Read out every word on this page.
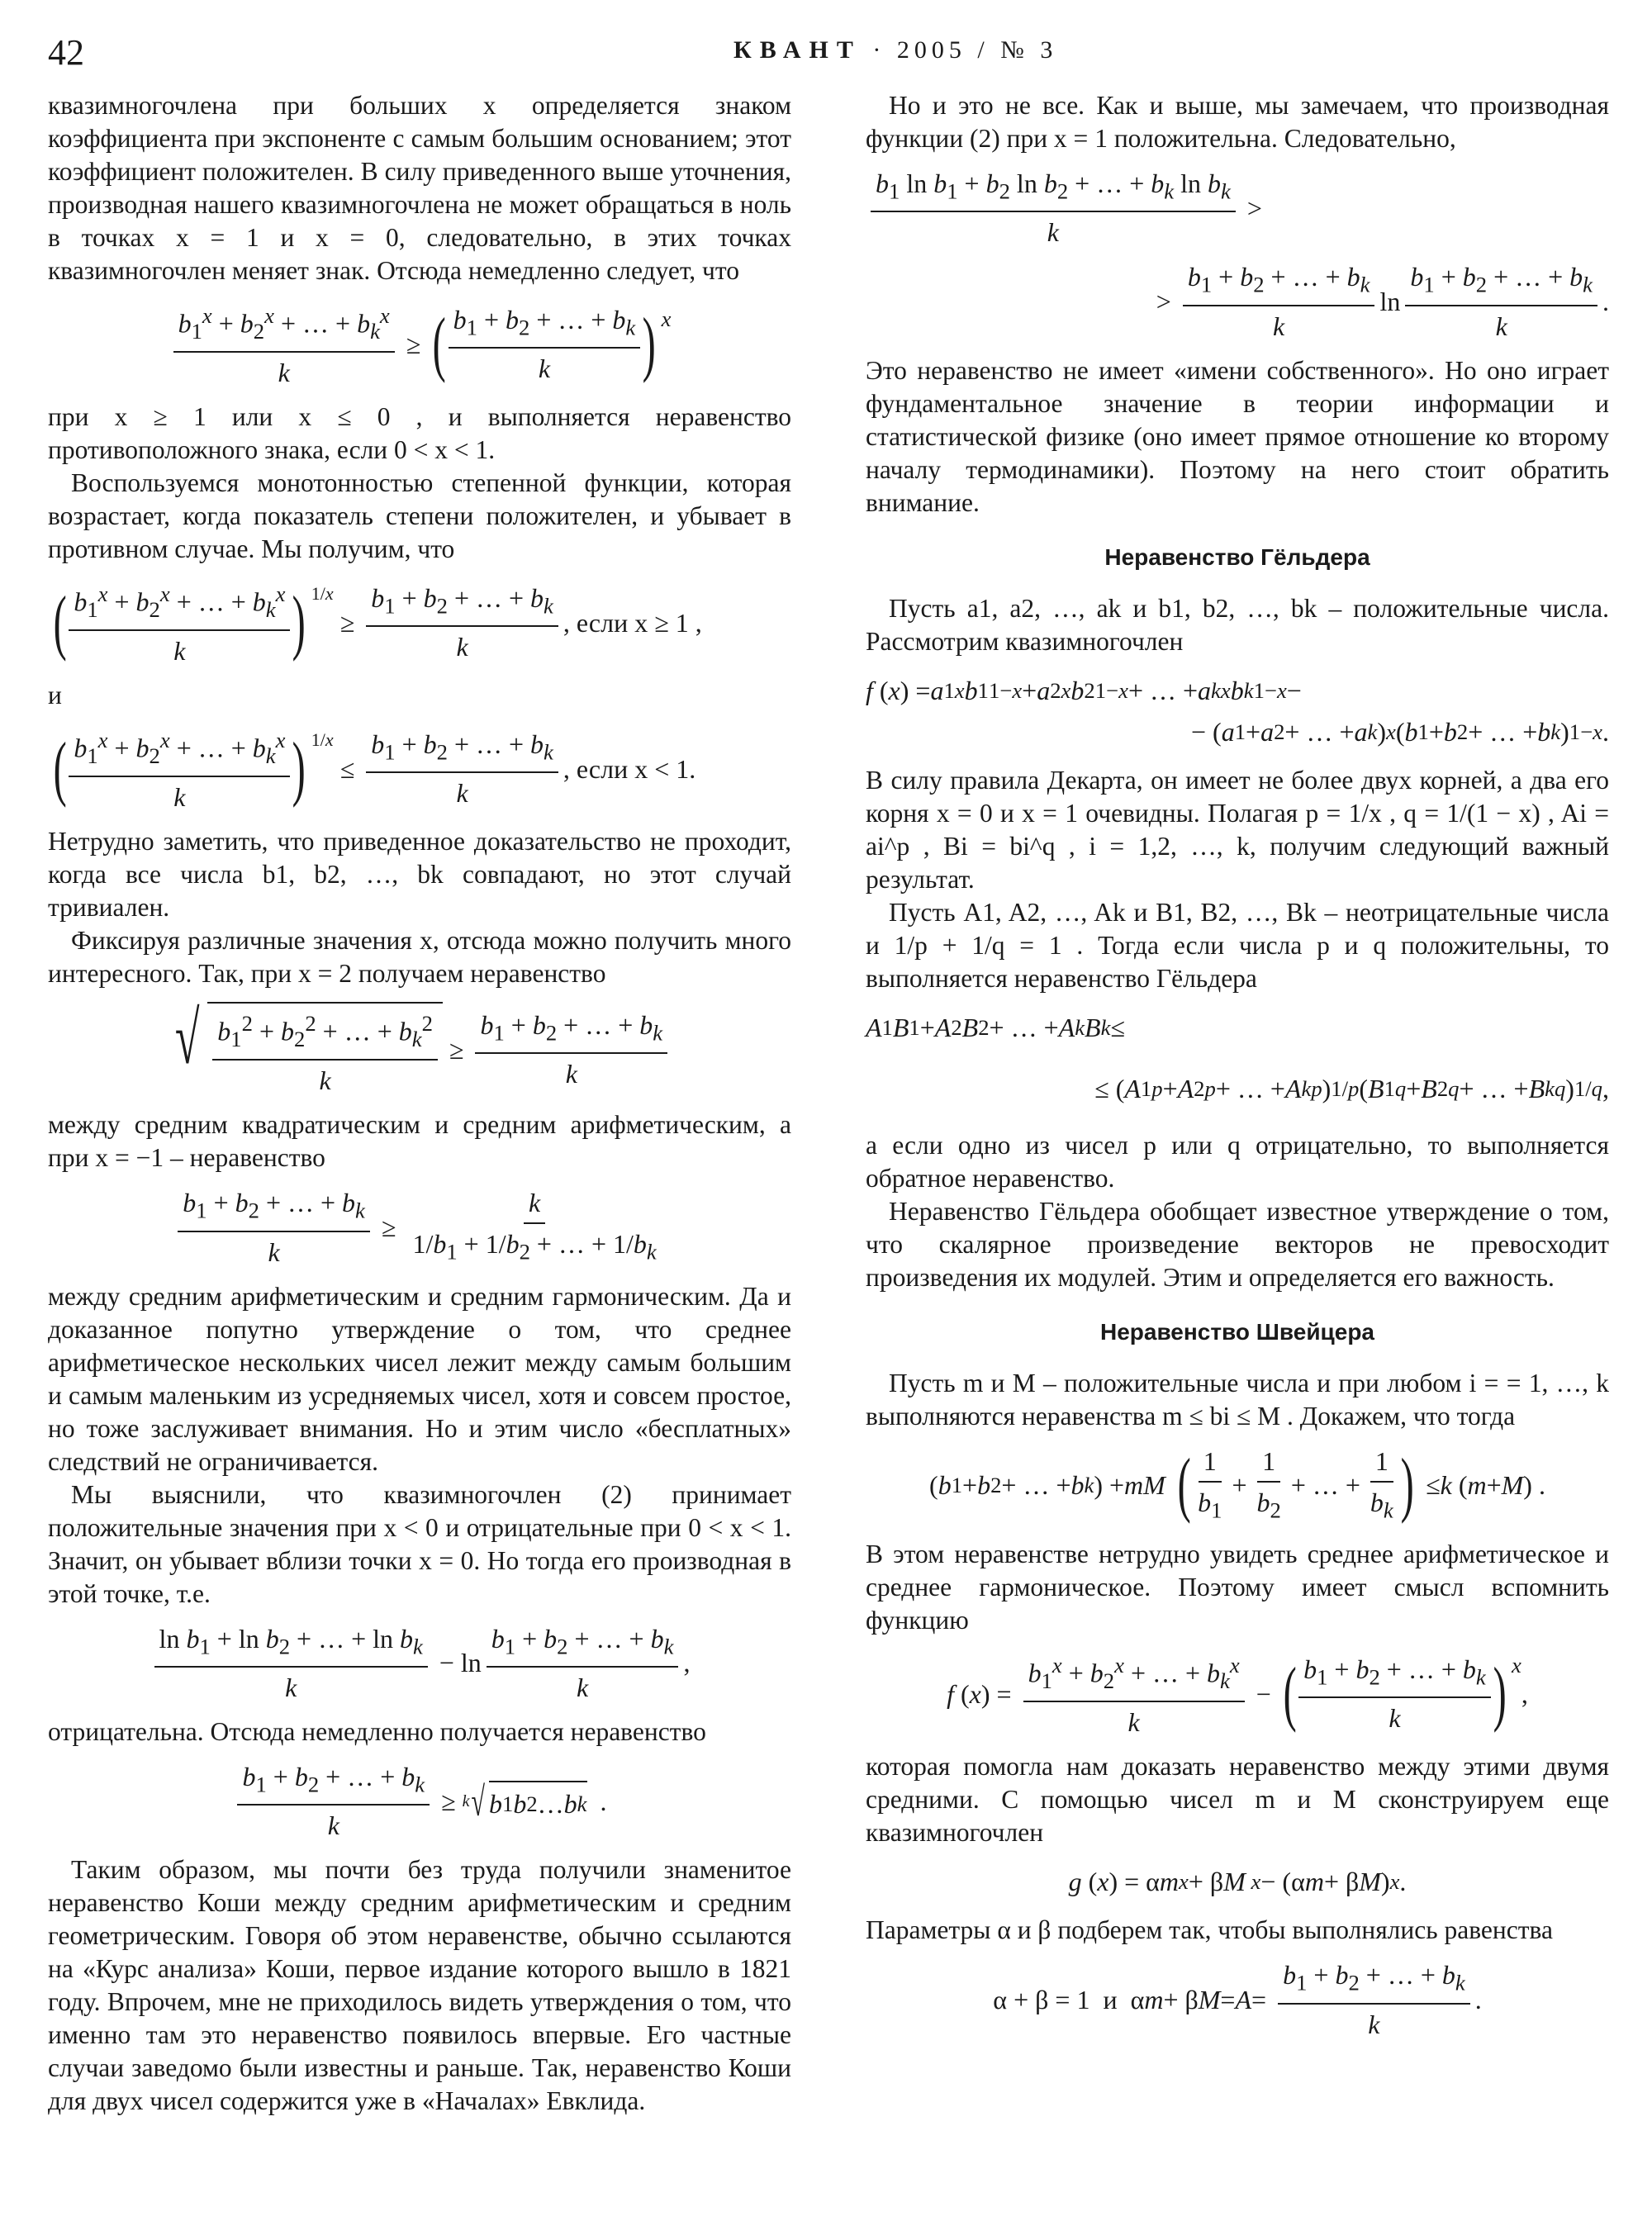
42	КВАНТ · 2005 / № 3

квазимногочлена при больших x определяется знаком коэффициента при экспоненте с самым большим основанием; этот коэффициент положителен. В силу приведенного выше уточнения, производная нашего квазимногочлена не может обращаться в ноль в точках x = 1 и x = 0, следовательно, в этих точках квазимногочлен меняет знак. Отсюда немедленно следует, что

$\frac{b_1^x + b_2^x + \dots + b_k^x}{k}$ ≥ ( $\frac{b_1 + b_2 + \dots + b_k}{k}$ ) $^x$

при x ≥ 1 или x ≤ 0 , и выполняется неравенство противоположного знака, если 0 < x < 1.

Воспользуемся монотонностью степенной функции, которая возрастает, когда показатель степени положителен, и убывает в противном случае. Мы получим, что

( $\frac{b_1^x + b_2^x + \dots + b_k^x}{k}$ ) $^{1/x}$
≥ $\frac{b_1 + b_2 + \dots + b_k}{k}$ , если x ≥ 1 ,

и

( $\frac{b_1^x + b_2^x + \dots + b_k^x}{k}$ ) $^{1/x}$
≤ $\frac{b_1 + b_2 + \dots + b_k}{k}$ , если x < 1.

Нетрудно заметить, что приведенное доказательство не проходит, когда все числа b1, b2, …, bk совпадают, но этот случай тривиален.

Фиксируя различные значения x, отсюда можно получить много интересного. Так, при x = 2 получаем неравенство

√ $\frac{b_1^2 + b_2^2 + \dots + b_k^2}{k} \ge \frac{b_1 + b_2 + \dots + b_k}{k}$

между средним квадратическим и средним арифметическим, а при x = −1 – неравенство

$\frac{b_1 + b_2 + \dots + b_k}{k} \ge \frac{k}{1/b_1 + 1/b_2 + \dots + 1/b_k}$

между средним арифметическим и средним гармоническим. Да и доказанное попутно утверждение о том, что среднее арифметическое нескольких чисел лежит между самым большим и самым маленьким из усредняемых чисел, хотя и совсем простое, но тоже заслуживает внимания. Но и этим число «бесплатных» следствий не ограничивается.

Мы выяснили, что квазимногочлен (2) принимает положительные значения при x < 0 и отрицательные при 0 < x < 1. Значит, он убывает вблизи точки x = 0. Но тогда его производная в этой точке, т.е.

$\frac{\ln b_1 + \ln b_2 + \dots + \ln b_k}{k} - \ln \frac{b_1 + b_2 + \dots + b_k}{k}$ ,

отрицательна. Отсюда немедленно получается неравенство

$\frac{b_1 + b_2 + \dots + b_k}{k} \ge k$ √ b 1 b 2 … b k .

Таким образом, мы почти без труда получили знаменитое неравенство Коши между средним арифметическим и средним геометрическим. Говоря об этом неравенстве, обычно ссылаются на «Курс анализа» Коши, первое издание которого вышло в 1821 году. Впрочем, мне не приходилось видеть утверждения о том, что именно там это неравенство появилось впервые. Его частные случаи заведомо были известны и раньше. Так, неравенство Коши для двух чисел содержится уже в «Началах» Евклида.

Но и это не все. Как и выше, мы замечаем, что производная функции (2) при x = 1 положительна. Следовательно,

$\frac{b_1 \ln b_1 + b_2 \ln b_2 + \dots + b_k \ln b_k}{k}$ >
> $\frac{b_1 + b_2 + \dots + b_k}{k}$ $\ln \frac{b_1 + b_2 + \dots + b_k}{k}$ .

Это неравенство не имеет «имени собственного». Но оно играет фундаментальное значение в теории информации и статистической физике (оно имеет прямое отношение ко второму началу термодинамики). Поэтому на него стоит обратить внимание.

Неравенство Гёльдера

Пусть a1, a2, …, ak и b1, b2, …, bk – положительные числа. Рассмотрим квазимногочлен

f ( x ) = a 1 x b 1 1−x + a 2 x b 2 1−x + … + a k x b k 1−x −
− ( a 1 + a 2 + … + a k ) x ( b 1 + b 2 + … + b k ) 1−x .

В силу правила Декарта, он имеет не более двух корней, а два его корня x = 0 и x = 1 очевидны. Полагая p = 1/x , q = 1/(1 − x) , Ai = ai^p , Bi = bi^q , i = 1,2, …, k, получим следующий важный результат.

Пусть A1, A2, …, Ak и B1, B2, …, Bk – неотрицательные числа и 1/p + 1/q = 1 . Тогда если числа p и q положительны, то выполняется неравенство Гёльдера

A 1 B 1 + A 2 B 2 + … + A k B k ≤
≤ ( A 1 p + A 2 p + … + A k p ) 1/p ( B 1 q + B 2 q + … + B k q ) 1/q ,

а если одно из чисел p или q отрицательно, то выполняется обратное неравенство.

Неравенство Гёльдера обобщает известное утверждение о том, что скалярное произведение векторов не превосходит произведения их модулей. Этим и определяется его важность.

Неравенство Швейцера

Пусть m и M – положительные числа и при любом i = = 1, …, k выполняются неравенства m ≤ bi ≤ M . Докажем, что тогда

( b 1 + b 2 + … + b k ) + mM
( $\frac{1}{b_1} + \frac{1}{b_2}$ + … + $\frac{1}{b_k}$ ) ≤ k ( m + M ) .

В этом неравенстве нетрудно увидеть среднее арифметическое и среднее гармоническое. Поэтому имеет смысл вспомнить функцию

f ( x ) = $\frac{b_1^x + b_2^x + \dots + b_k^x}{k}$ − ( $\frac{b_1 + b_2 + \dots + b_k}{k}$ ) $^x$
,

которая помогла нам доказать неравенство между этими двумя средними. С помощью чисел m и M сконструируем еще квазимногочлен

g ( x ) = α m x + β M x − (α m + β M ) x .

Параметры α и β подберем так, чтобы выполнялись равенства

α + β = 1  и  α m + β $M = A = \frac{b_1 + b_2 + \dots + b_k}{k}$ .
